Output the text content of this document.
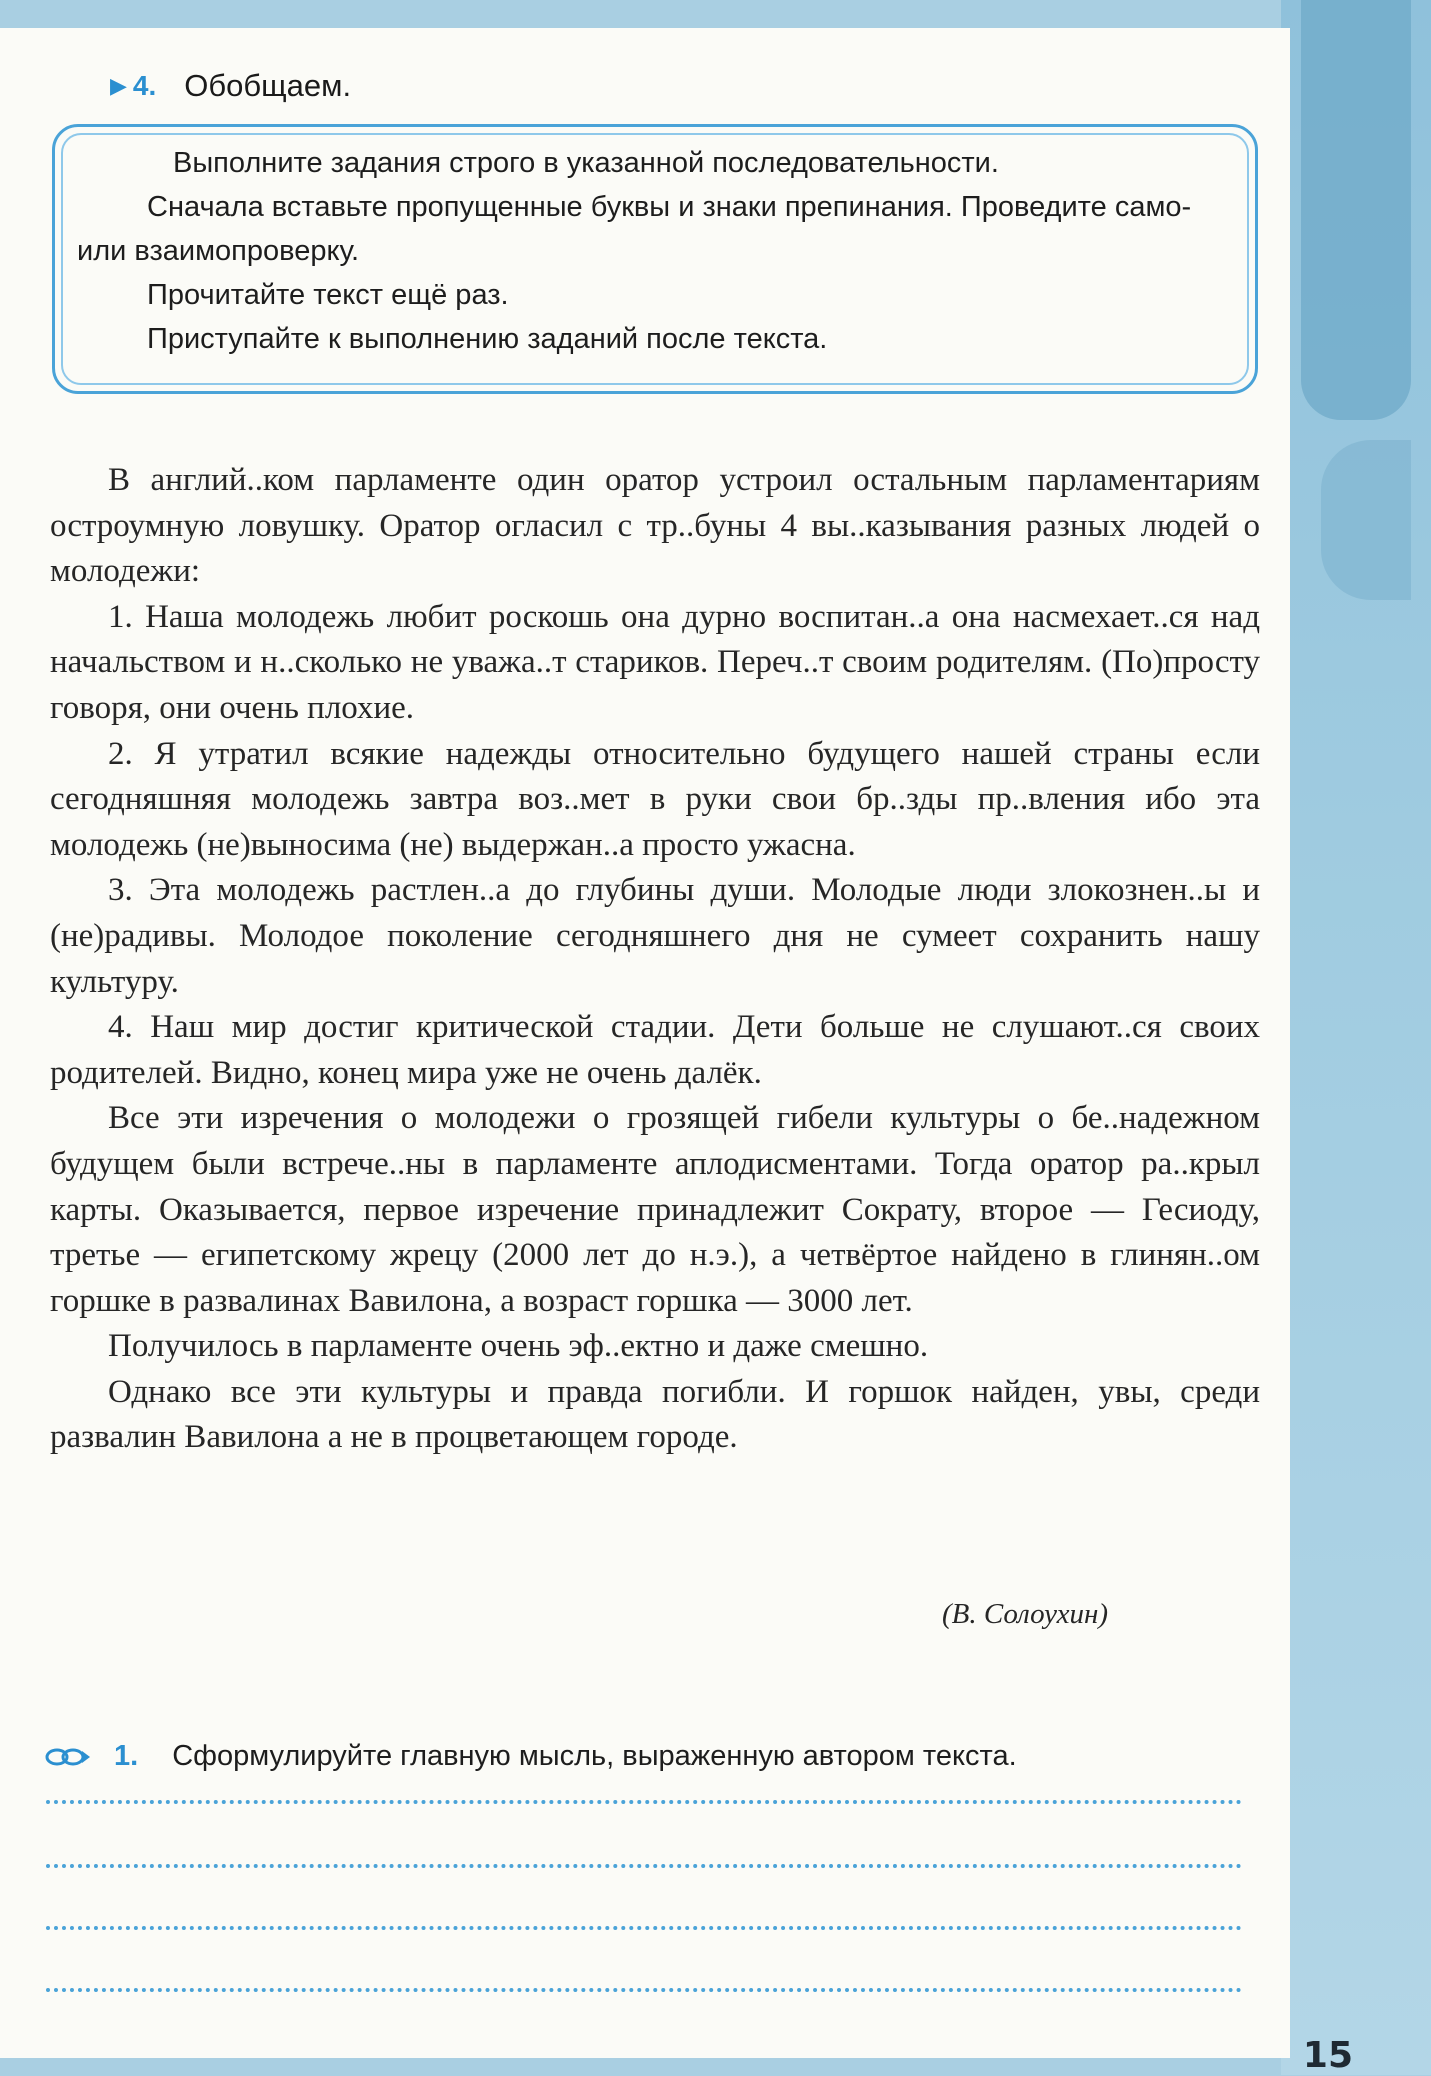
▶ 4. Обобщаем.

Выполните задания строго в указанной последовательности.

Сначала вставьте пропущенные буквы и знаки препинания. Проведите само- или взаимопроверку.

Прочитайте текст ещё раз.

Приступайте к выполнению заданий после текста.

В англий..ком парламенте один оратор устроил остальным парламентариям остроумную ловушку. Оратор огласил с тр..буны 4 вы..казывания разных людей о молодежи:

1. Наша молодежь любит роскошь она дурно воспитан..а она насмехает..ся над начальством и н..сколько не уважа..т стариков. Переч..т своим родителям. (По)просту говоря, они очень плохие.

2. Я утратил всякие надежды относительно будущего нашей страны если сегодняшняя молодежь завтра воз..мет в руки свои бр..зды пр..вления ибо эта молодежь (не)выносима (не) выдержан..а просто ужасна.

3. Эта молодежь растлен..а до глубины души. Молодые люди злокознен..ы и (не)радивы. Молодое поколение сегодняшнего дня не сумеет сохранить нашу культуру.

4. Наш мир достиг критической стадии. Дети больше не слушают..ся своих родителей. Видно, конец мира уже не очень далёк.

Все эти изречения о молодежи о грозящей гибели культуры о бе..надежном будущем были встрече..ны в парламенте аплодисментами. Тогда оратор ра..крыл карты. Оказывается, первое изречение принадлежит Сократу, второе — Гесиоду, третье — египетскому жрецу (2000 лет до н.э.), а четвёртое найдено в глинян..ом горшке в развалинах Вавилона, а возраст горшка — 3000 лет.

Получилось в парламенте очень эф..ектно и даже смешно.

Однако все эти культуры и правда погибли. И горшок найден, увы, среди развалин Вавилона а не в процветающем городе.

(В. Солоухин)
1. Сформулируйте главную мысль, выраженную автором текста.
15
